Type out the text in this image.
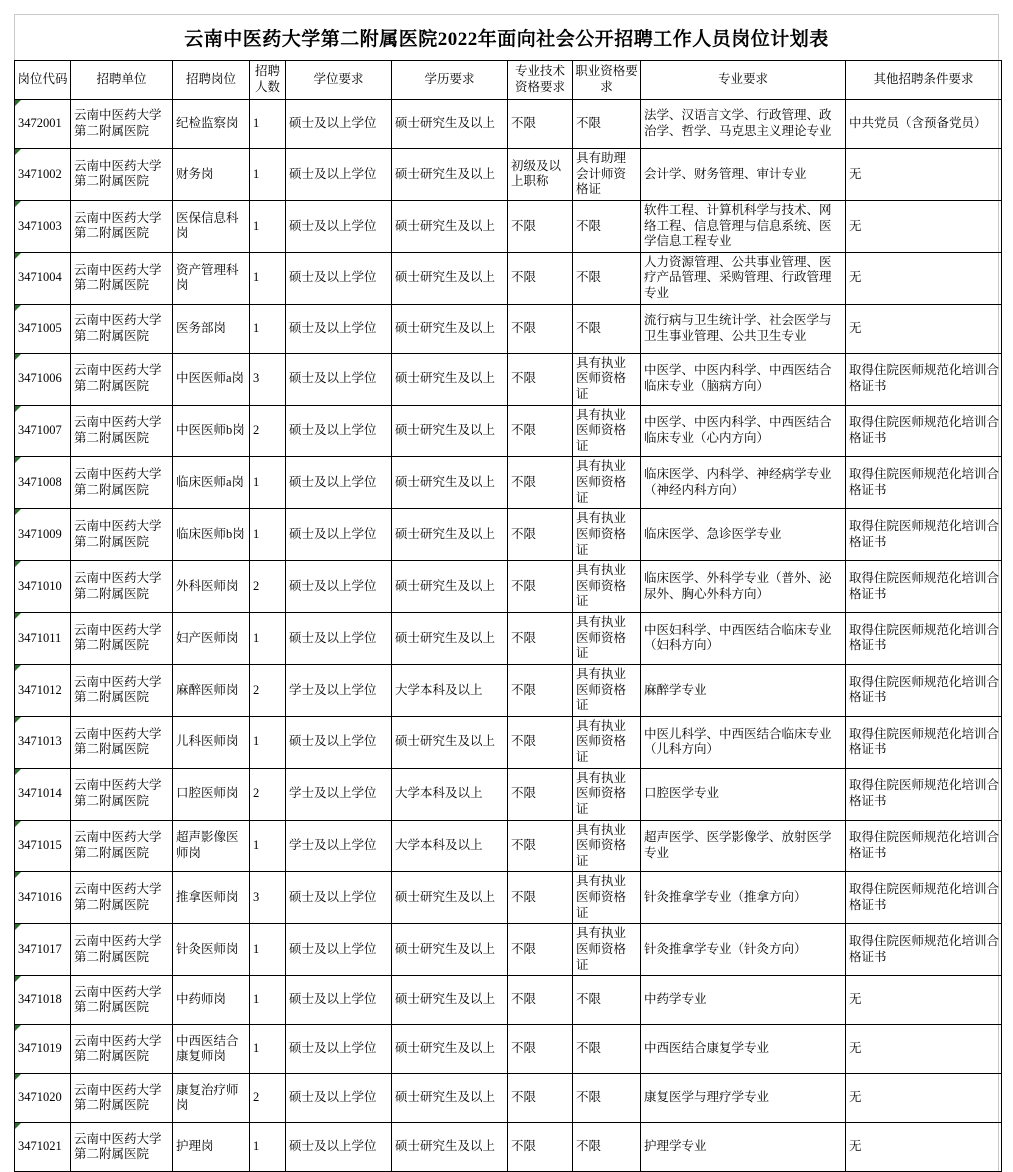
云南中医药大学第二附属医院2022年面向社会公开招聘工作人员岗位计划表
岗位代码	招聘单位	招聘岗位	招聘人数	学位要求	学历要求	专业技术资格要求	职业资格要求	专业要求	其他招聘条件要求

3472001	云南中医药大学第二附属医院	纪检监察岗	1	硕士及以上学位	硕士研究生及以上	不限	不限	法学、汉语言文学、行政管理、政治学、哲学、马克思主义理论专业	中共党员（含预备党员）

3471002	云南中医药大学第二附属医院	财务岗	1	硕士及以上学位	硕士研究生及以上	初级及以上职称	具有助理会计师资格证	会计学、财务管理、审计专业	无

3471003	云南中医药大学第二附属医院	医保信息科岗	1	硕士及以上学位	硕士研究生及以上	不限	不限	软件工程、计算机科学与技术、网络工程、信息管理与信息系统、医学信息工程专业	无

3471004	云南中医药大学第二附属医院	资产管理科岗	1	硕士及以上学位	硕士研究生及以上	不限	不限	人力资源管理、公共事业管理、医疗产品管理、采购管理、行政管理专业	无

3471005	云南中医药大学第二附属医院	医务部岗	1	硕士及以上学位	硕士研究生及以上	不限	不限	流行病与卫生统计学、社会医学与卫生事业管理、公共卫生专业	无

3471006	云南中医药大学第二附属医院	中医医师a岗	3	硕士及以上学位	硕士研究生及以上	不限	具有执业医师资格证	中医学、中医内科学、中西医结合临床专业（脑病方向）	取得住院医师规范化培训合格证书

3471007	云南中医药大学第二附属医院	中医医师b岗	2	硕士及以上学位	硕士研究生及以上	不限	具有执业医师资格证	中医学、中医内科学、中西医结合临床专业（心内方向）	取得住院医师规范化培训合格证书

3471008	云南中医药大学第二附属医院	临床医师a岗	1	硕士及以上学位	硕士研究生及以上	不限	具有执业医师资格证	临床医学、内科学、神经病学专业（神经内科方向）	取得住院医师规范化培训合格证书

3471009	云南中医药大学第二附属医院	临床医师b岗	1	硕士及以上学位	硕士研究生及以上	不限	具有执业医师资格证	临床医学、急诊医学专业	取得住院医师规范化培训合格证书

3471010	云南中医药大学第二附属医院	外科医师岗	2	硕士及以上学位	硕士研究生及以上	不限	具有执业医师资格证	临床医学、外科学专业（普外、泌尿外、胸心外科方向）	取得住院医师规范化培训合格证书

3471011	云南中医药大学第二附属医院	妇产医师岗	1	硕士及以上学位	硕士研究生及以上	不限	具有执业医师资格证	中医妇科学、中西医结合临床专业（妇科方向）	取得住院医师规范化培训合格证书

3471012	云南中医药大学第二附属医院	麻醉医师岗	2	学士及以上学位	大学本科及以上	不限	具有执业医师资格证	麻醉学专业	取得住院医师规范化培训合格证书

3471013	云南中医药大学第二附属医院	儿科医师岗	1	硕士及以上学位	硕士研究生及以上	不限	具有执业医师资格证	中医儿科学、中西医结合临床专业（儿科方向）	取得住院医师规范化培训合格证书

3471014	云南中医药大学第二附属医院	口腔医师岗	2	学士及以上学位	大学本科及以上	不限	具有执业医师资格证	口腔医学专业	取得住院医师规范化培训合格证书

3471015	云南中医药大学第二附属医院	超声影像医师岗	1	学士及以上学位	大学本科及以上	不限	具有执业医师资格证	超声医学、医学影像学、放射医学专业	取得住院医师规范化培训合格证书

3471016	云南中医药大学第二附属医院	推拿医师岗	3	硕士及以上学位	硕士研究生及以上	不限	具有执业医师资格证	针灸推拿学专业（推拿方向）	取得住院医师规范化培训合格证书

3471017	云南中医药大学第二附属医院	针灸医师岗	1	硕士及以上学位	硕士研究生及以上	不限	具有执业医师资格证	针灸推拿学专业（针灸方向）	取得住院医师规范化培训合格证书

3471018	云南中医药大学第二附属医院	中药师岗	1	硕士及以上学位	硕士研究生及以上	不限	不限	中药学专业	无

3471019	云南中医药大学第二附属医院	中西医结合康复师岗	1	硕士及以上学位	硕士研究生及以上	不限	不限	中西医结合康复学专业	无

3471020	云南中医药大学第二附属医院	康复治疗师岗	2	硕士及以上学位	硕士研究生及以上	不限	不限	康复医学与理疗学专业	无

3471021	云南中医药大学第二附属医院	护理岗	1	硕士及以上学位	硕士研究生及以上	不限	不限	护理学专业	无
